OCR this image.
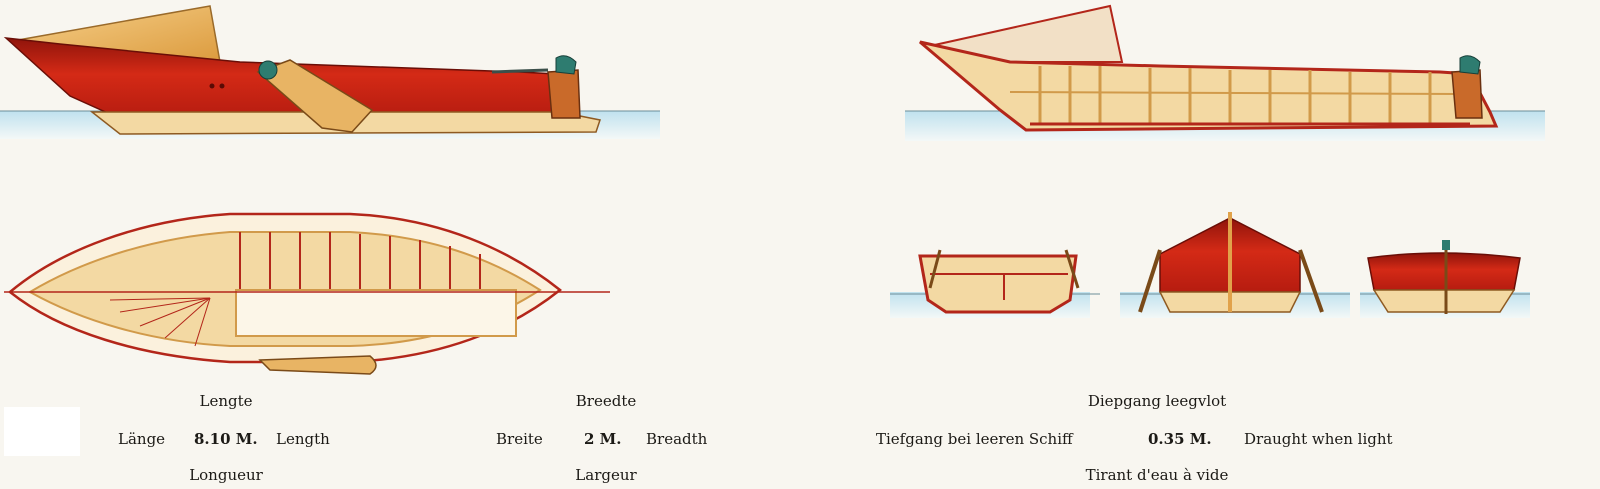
Lengte
Länge 8.10 M. Length
Longueur
Breedte
Breite	2 M. Breadth
Largeur
Diepgang leegvlot
Tiefgang bei leeren Schiff	0.35 M. Draught when light
Tirant d'eau à vide
